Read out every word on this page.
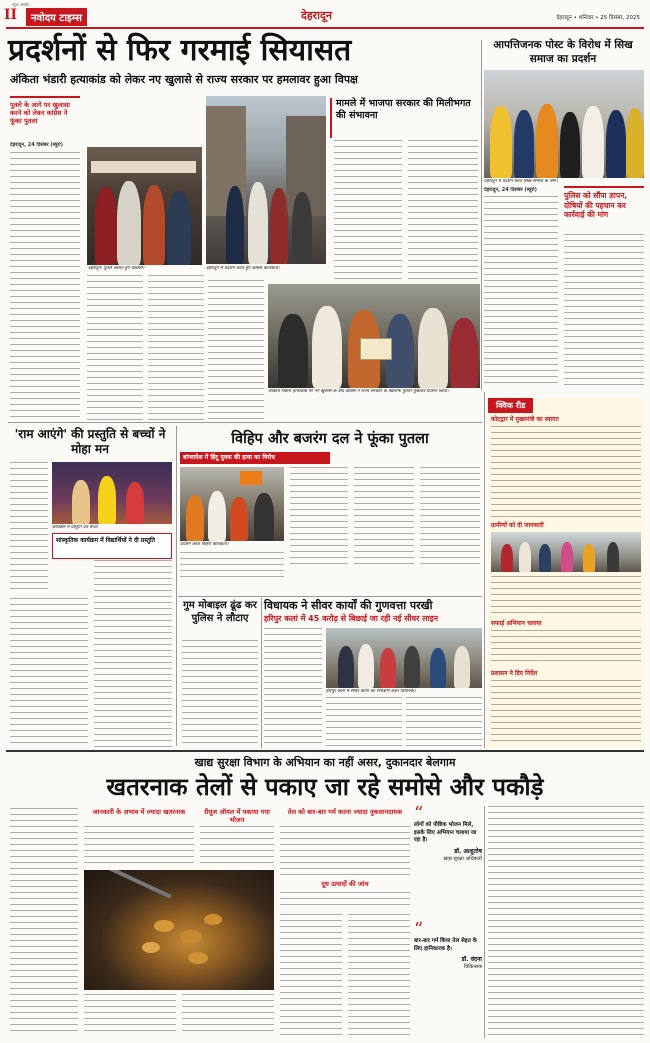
न्यूज अपडेट
II	नवोदय टाइम्स	देहरादून	देहरादून • शनिवार • 25 दिसंबर, 2025
प्रदर्शनों से फिर गरमाई सियासत
अंकिता भंडारी हत्याकांड को लेकर नए खुलासे से राज्य सरकार पर हमलावर हुआ विपक्ष
आपत्तिजनक पोस्ट के विरोध में सिख समाज का प्रदर्शन
पुतले के आगे पर खुलासा करने को लेकर कांग्रेस ने फूंका पुतला
देहरादून, 24 दिसंबर (ब्यूरो)
देहरादून: पुतले जलाते हुए कांग्रेसी।	देहरादून में प्रदर्शन करते हुए कांग्रेस कार्यकर्ता।
मामले में भाजपा सरकार की मिलीभगत की संभावना
अंकिता भंडारी हत्याकांड पर नए खुलासे के बाद कांग्रेस ने राज्य सरकार के खिलाफ पुतला फूंककर प्रदर्शन किया।
देहरादून में प्रदर्शन करते सिख समाज के लोग।
देहरादून, 24 दिसंबर (ब्यूरो)
पुलिस को सौंपा ज्ञापन, दोषियों की पहचान कर कार्रवाई की मांग
'राम आएंगे' की प्रस्तुति से बच्चों ने मोहा मन
कार्यक्रम में प्रस्तुति देते बच्चे।
सांस्कृतिक कार्यक्रम में विद्यार्थियों ने दी प्रस्तुति
विहिप और बजरंग दल ने फूंका पुतला
बांग्लादेश में हिंदू युवक की हत्या का विरोध
प्रदर्शन करते विहिप कार्यकर्ता।
गुम मोबाइल ढूंढ कर पुलिस ने लौटाए
विधायक ने सीवर कार्यों की गुणवत्ता परखी
हरिपुर कलां में 45 करोड़ से बिछाई जा रही नई सीवर लाइन
हरिपुर कलां में सीवर कार्यों का निरीक्षण करते विधायक।
क्विक रीड
कोटद्वार में मुख्यमंत्री का स्वागत
ग्रामीणों को दी जानकारी
सफाई अभियान चलाया
प्रशासन ने दिए निर्देश
खाद्य सुरक्षा विभाग के अभियान का नहीं असर, दुकानदार बेलगाम
खतरनाक तेलों से पकाए जा रहे समोसे और पकौड़े
जानकारी के अभाव में ज्यादा खतरनाक	रीयूज ऑयल में पकाया गया भोजन
तेल को बार-बार गर्म करना ज्यादा नुकसानदायक
दूध उत्पादों की जांच
“
लोगों को पौष्टिक भोजन मिले, इसके लिए अभियान चलाया जा रहा है।
डॉ. आशुतोष
खाद्य सुरक्षा अधिकारी
“
बार-बार गर्म किया तेल सेहत के लिए हानिकारक है।
डॉ. वंदना
चिकित्सक
